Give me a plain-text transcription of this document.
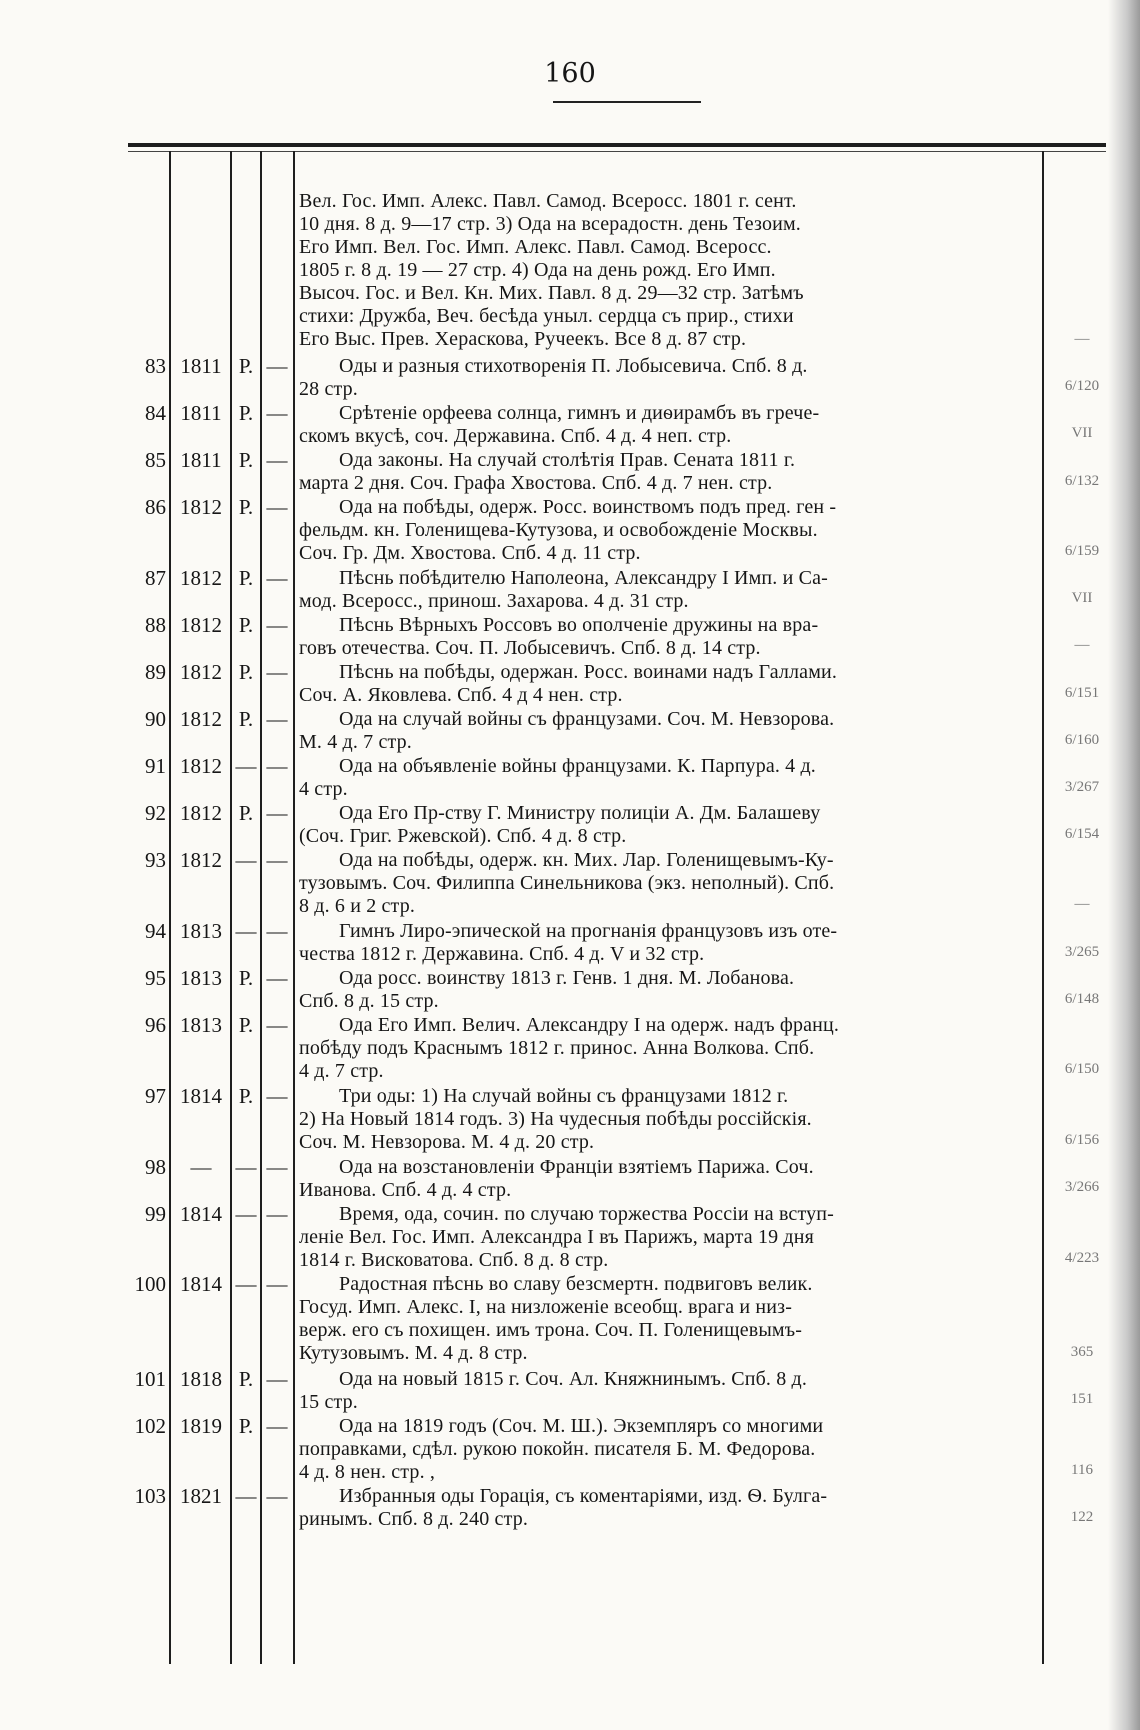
160
Вел. Гос. Имп. Алекс. Павл. Самод. Всеросс. 1801 г. сент.
10 дня. 8 д. 9—17 стр. 3) Ода на всерадостн. день Тезоим.
Его Имп. Вел. Гос. Имп. Алекс. Павл. Самод. Всеросс.
1805 г. 8 д. 19 — 27 стр. 4) Ода на день рожд. Его Имп.
Высоч. Гос. и Вел. Кн. Мих. Павл. 8 д. 29—32 стр. Затѣмъ
стихи: Дружба, Веч. бесѣда уныл. сердца съ прир., стихи
Его Выс. Прев. Хераскова, Ручеекъ. Все 8 д. 87 стр.	—
83 1811 Р. —	Оды и разныя стихотворенія П. Лобысевича. Спб. 8 д.
28 стр.	6/120
84 1811 Р. —	Срѣтеніе орфеева солнца, гимнъ и диѳирамбъ въ грече-
скомъ вкусѣ, соч. Державина. Спб. 4 д. 4 неп. стр.	VII
85 1811 Р. —	Ода законы. На случай столѣтія Прав. Сената 1811 г.
марта 2 дня. Соч. Графа Хвостова. Спб. 4 д. 7 нен. стр.	6/132
86 1812 Р. —	Ода на побѣды, одерж. Росс. воинствомъ подъ пред. ген -
фельдм. кн. Голенищева-Кутузова, и освобожденіе Москвы.
Соч. Гр. Дм. Хвостова. Спб. 4 д. 11 стр.	6/159
87 1812 Р. —	Пѣснь побѣдителю Наполеона, Александру I Имп. и Са-
мод. Всеросс., принош. Захарова. 4 д. 31 стр.	VII
88 1812 Р. —	Пѣснь Вѣрныхъ Россовъ во ополченіе дружины на вра-
говъ отечества. Соч. П. Лобысевичъ. Спб. 8 д. 14 стр.	—
89 1812 Р. —	Пѣснь на побѣды, одержан. Росс. воинами надъ Галлами.
Соч. А. Яковлева. Спб. 4 д 4 нен. стр.	6/151
90 1812 Р. —	Ода на случай войны съ французами. Соч. М. Невзорова.
М. 4 д. 7 стр.	6/160
91 1812 — —	Ода на объявленіе войны французами. К. Парпура. 4 д.
4 стр.	3/267
92 1812 Р. —	Ода Его Пр-ству Г. Министру полиціи А. Дм. Балашеву
(Соч. Григ. Ржевской). Спб. 4 д. 8 стр.	6/154
93 1812 — —	Ода на побѣды, одерж. кн. Мих. Лар. Голенищевымъ-Ку-
тузовымъ. Соч. Филиппа Синельникова (экз. неполный). Спб.
8 д. 6 и 2 стр.	—
94 1813 — —	Гимнъ Лиро-эпической на прогнанія французовъ изъ оте-
чества 1812 г. Державина. Спб. 4 д. V и 32 стр.	3/265
95 1813 Р. —	Ода росс. воинству 1813 г. Генв. 1 дня. М. Лобанова.
Спб. 8 д. 15 стр.	6/148
96 1813 Р. —	Ода Его Имп. Велич. Александру I на одерж. надъ франц.
побѣду подъ Краснымъ 1812 г. принос. Анна Волкова. Спб.
4 д. 7 стр.	6/150
97 1814 Р. —	Три оды: 1) На случай войны съ французами 1812 г.
2) На Новый 1814 годъ. 3) На чудесныя побѣды россійскія.
Соч. М. Невзорова. М. 4 д. 20 стр.	6/156
98	—	— —	Ода на возстановленіи Франціи взятіемъ Парижа. Соч.
Иванова. Спб. 4 д. 4 стр.	3/266
99 1814 — —	Время, ода, сочин. по случаю торжества Россіи на вступ-
леніе Вел. Гос. Имп. Александра I въ Парижъ, марта 19 дня
1814 г. Висковатова. Спб. 8 д. 8 стр.	4/223
100 1814 — —	Радостная пѣснь во славу безсмертн. подвиговъ велик.
Госуд. Имп. Алекс. I, на низложеніе всеобщ. врага и низ-
верж. его съ похищен. имъ трона. Соч. П. Голенищевымъ-
Кутузовымъ. М. 4 д. 8 стр.	365
101 1818 Р. —	Ода на новый 1815 г. Соч. Ал. Княжнинымъ. Спб. 8 д.
15 стр.	151
102 1819 Р. —	Ода на 1819 годъ (Соч. М. Ш.). Экземпляръ со многими
поправками, сдѣл. рукою покойн. писателя Б. М. Федорова.
4 д. 8 нен. стр. ,	116
103 1821 — —	Избранныя оды Горація, съ коментаріями, изд. Ѳ. Булга-
ринымъ. Спб. 8 д. 240 стр.	122
